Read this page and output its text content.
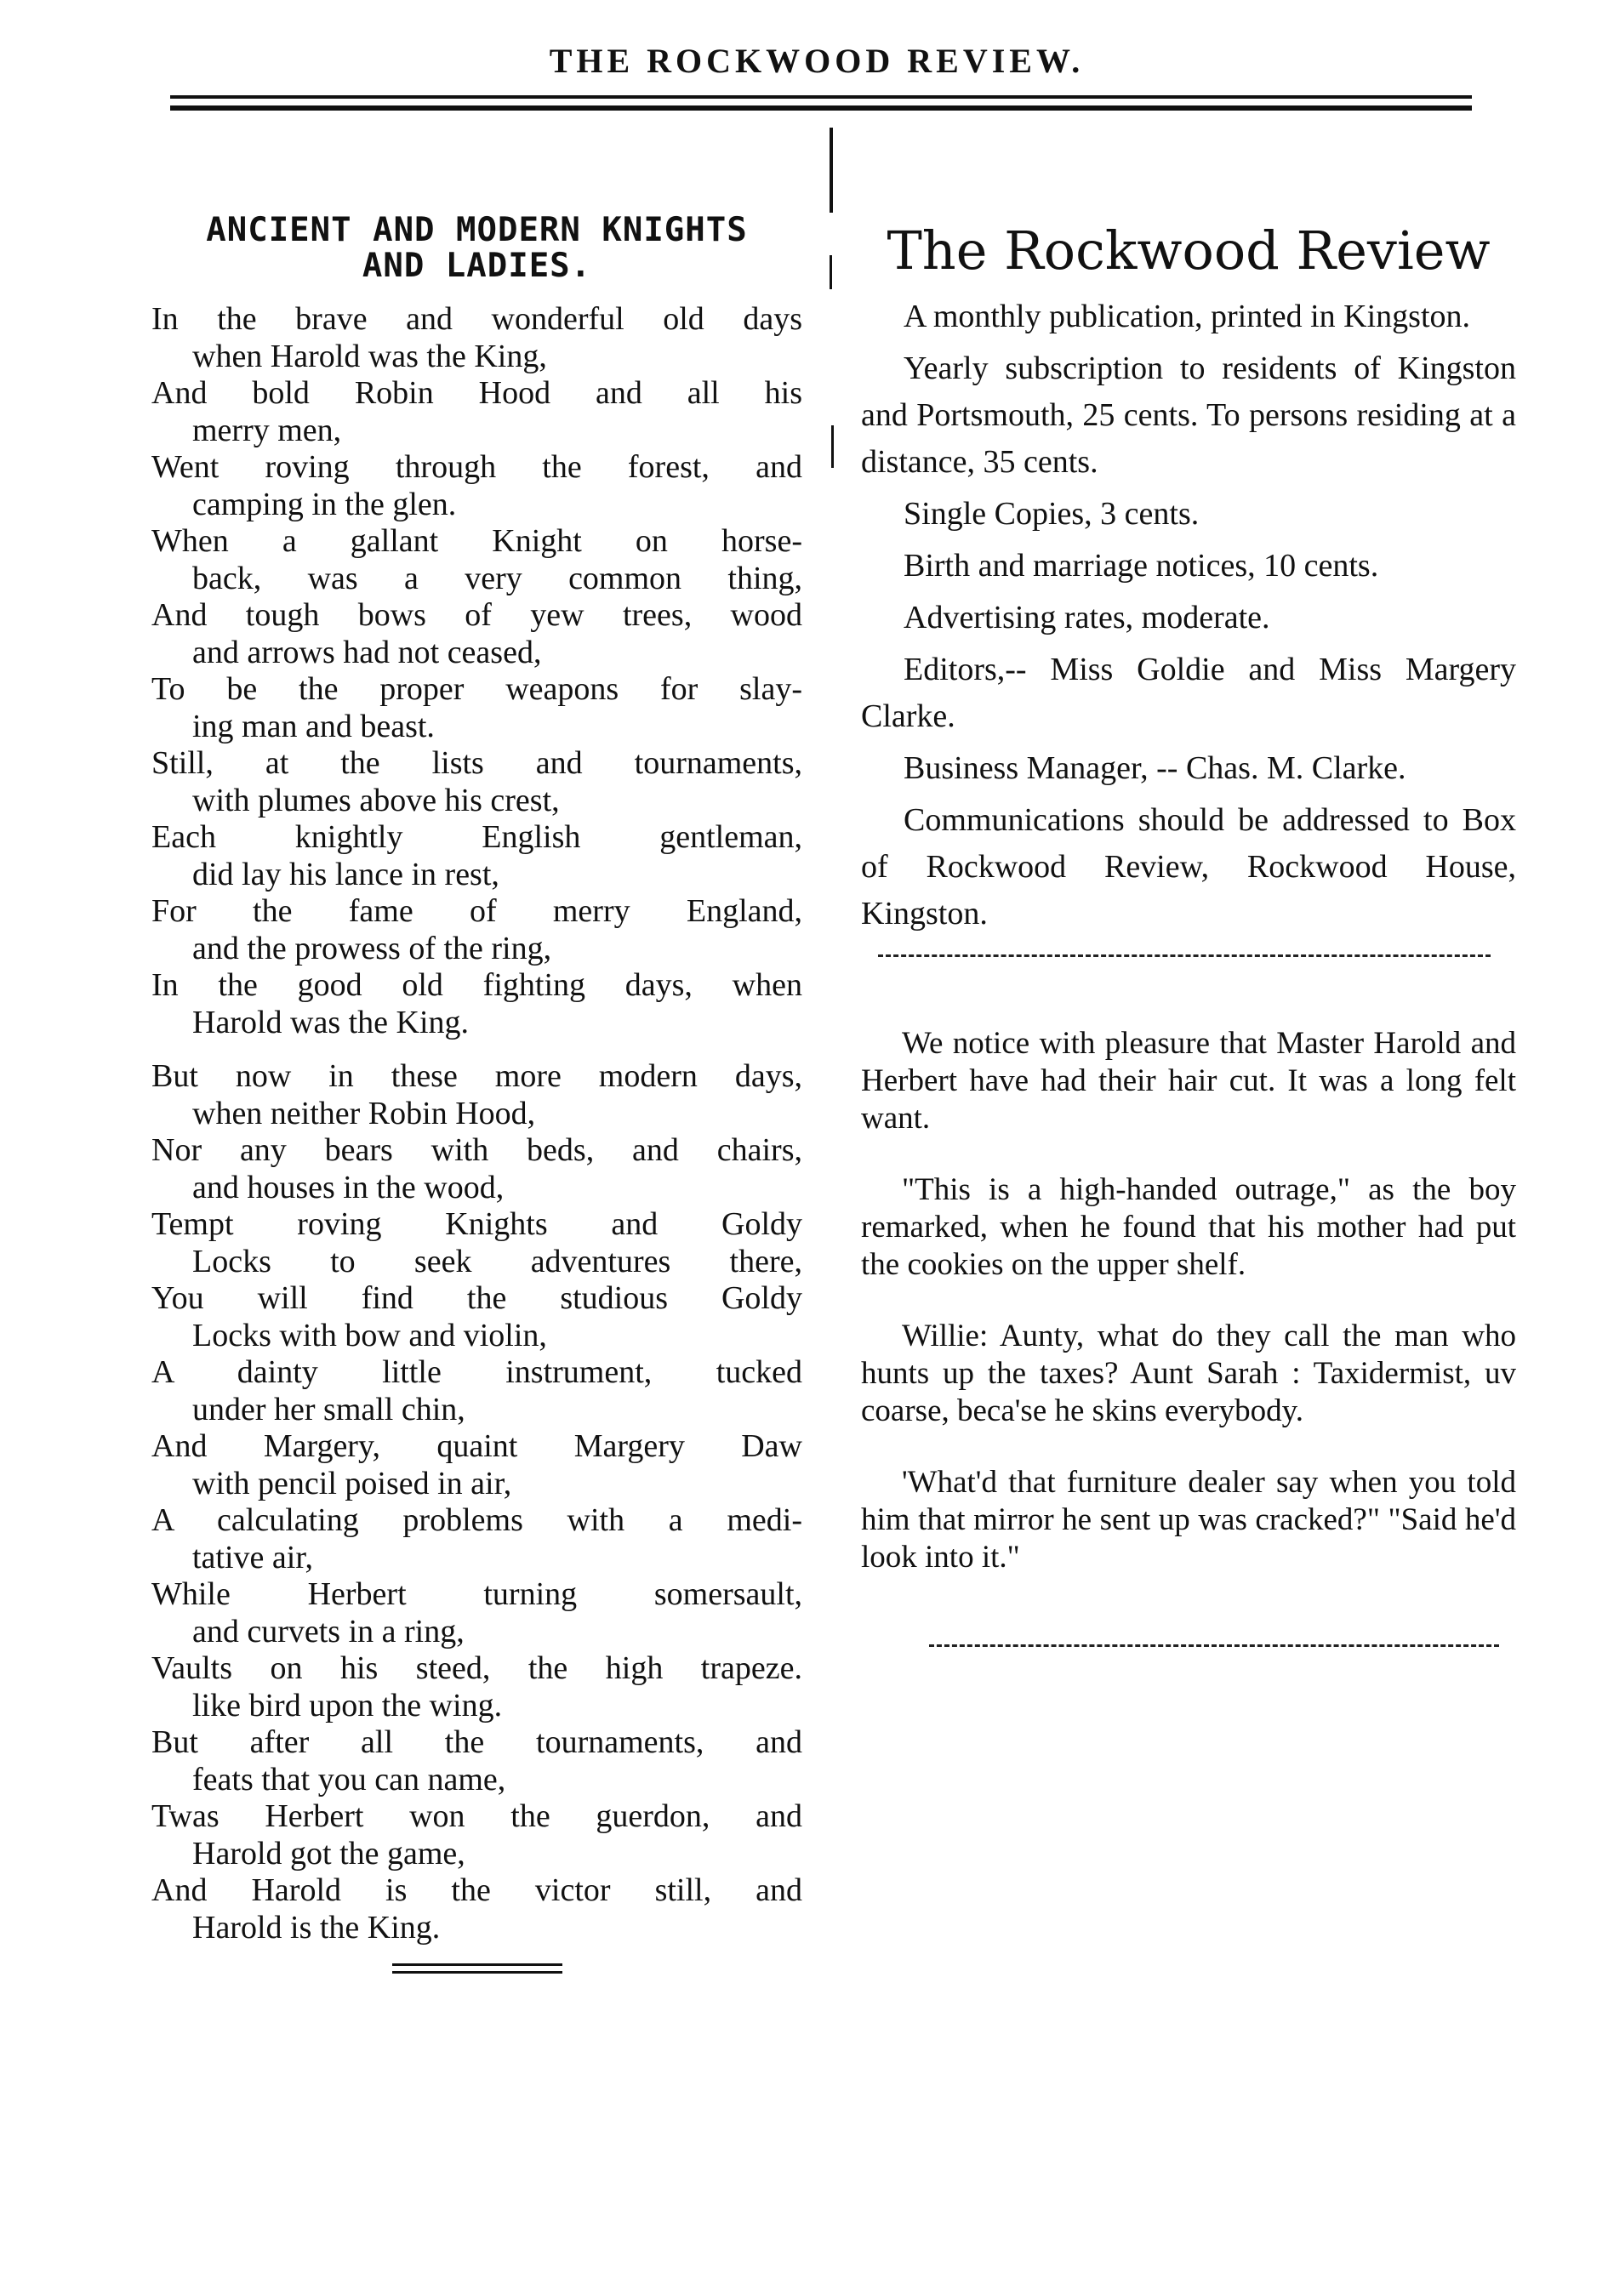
THE ROCKWOOD REVIEW.
ANCIENT AND MODERN KNIGHTS
AND LADIES.
In the brave and wonderful old days
when Harold was the King,
And bold Robin Hood and all his
merry men,
Went roving through the forest, and
camping in the glen.
When a gallant Knight on horse-
back, was a very common thing,
And tough bows of yew trees, wood
and arrows had not ceased,
To be the proper weapons for slay-
ing man and beast.
Still, at the lists and tournaments,
with plumes above his crest,
Each knightly English gentleman,
did lay his lance in rest,
For the fame of merry England,
and the prowess of the ring,
In the good old fighting days, when
Harold was the King.
But now in these more modern days,
when neither Robin Hood,
Nor any bears with beds, and chairs,
and houses in the wood,
Tempt roving Knights and Goldy
Locks to seek adventures there,
You will find the studious Goldy
Locks with bow and violin,
A dainty little instrument, tucked
under her small chin,
And Margery, quaint Margery Daw
with pencil poised in air,
A calculating problems with a medi-
tative air,
While Herbert turning somersault,
and curvets in a ring,
Vaults on his steed, the high trapeze.
like bird upon the wing.
But after all the tournaments, and
feats that you can name,
Twas Herbert won the guerdon, and
Harold got the game,
And Harold is the victor still, and
Harold is the King.
The Rockwood Review

A monthly publication, printed in Kingston.

Yearly subscription to residents of Kingston and Portsmouth, 25 cents. To persons residing at a distance, 35 cents.

Single Copies, 3 cents.

Birth and marriage notices, 10 cents.

Advertising rates, moderate.

Editors,-- Miss Goldie and Miss Margery Clarke.

Business Manager, -- Chas. M. Clarke.

Communications should be addressed to Box of Rockwood Review, Rockwood House, Kingston.

We notice with pleasure that Master Harold and Herbert have had their hair cut. It was a long felt want.

"This is a high-handed outrage," as the boy remarked, when he found that his mother had put the cookies on the upper shelf.

Willie: Aunty, what do they call the man who hunts up the taxes? Aunt Sarah : Taxidermist, uv coarse, beca'se he skins everybody.

'What'd that furniture dealer say when you told him that mirror he sent up was cracked?" "Said he'd look into it."
